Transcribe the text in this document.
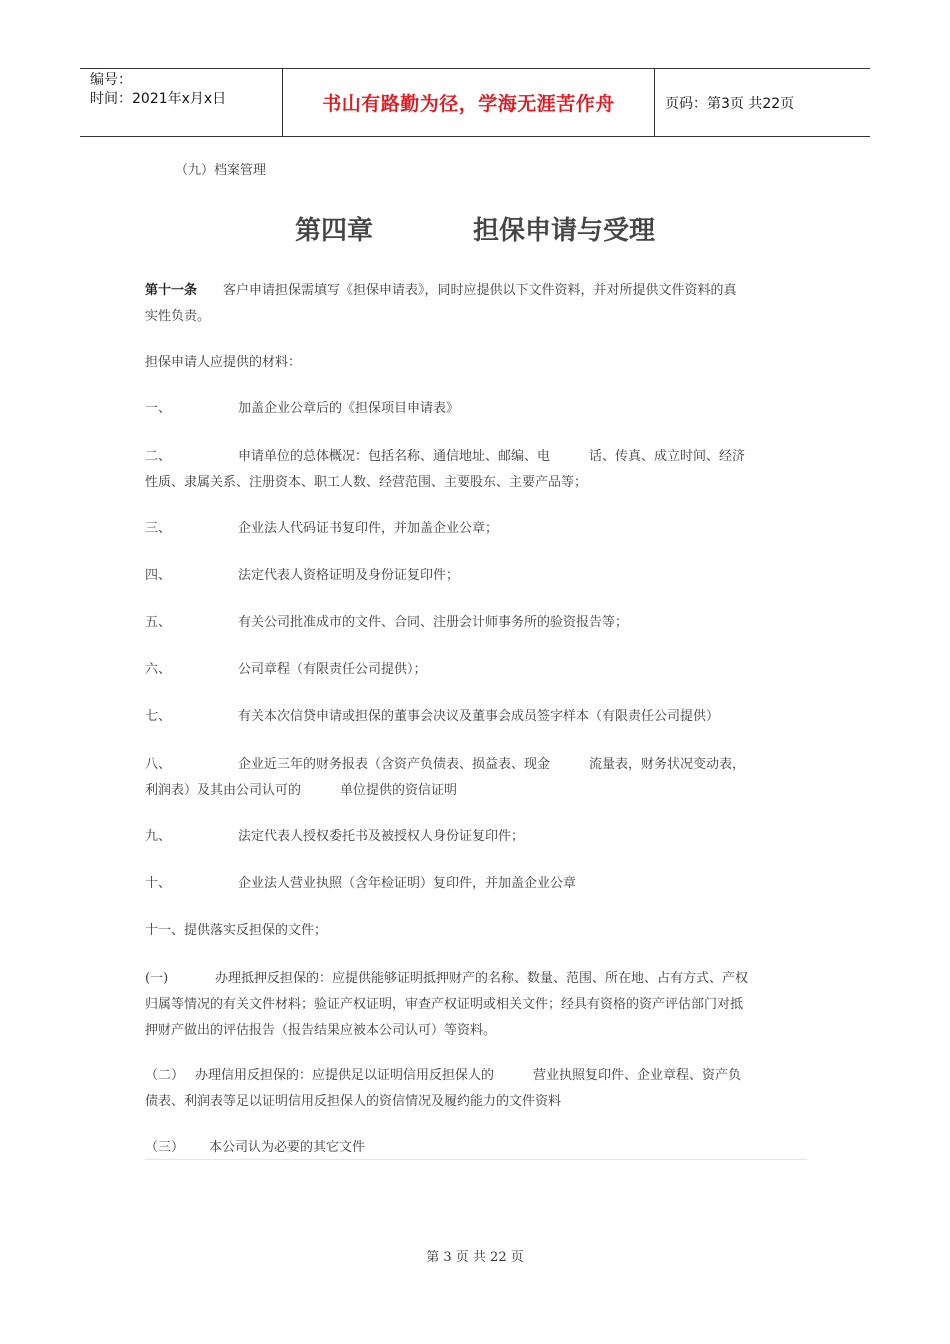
编号：
时间：2021年x月x日	书山有路勤为径，学海无涯苦作舟	页码：第3页 共22页
（九）档案管理
第四章	担保申请与受理
第十一条 客户申请担保需填写《担保申请表》，同时应提供以下文件资料，并对所提供文件资料的真
实性负责。
担保申请人应提供的材料：
一、	加盖企业公章后的《担保项目申请表》
二、	申请单位的总体概况：包括名称、通信地址、邮编、电　　　话、传真、成立时间、经济
性质、隶属关系、注册资本、职工人数、经营范围、主要股东、主要产品等；
三、	企业法人代码证书复印件，并加盖企业公章；
四、	法定代表人资格证明及身份证复印件；
五、	有关公司批准成市的文件、合同、注册会计师事务所的验资报告等；
六、	公司章程（有限责任公司提供）；
七、	有关本次信贷申请或担保的董事会决议及董事会成员签字样本（有限责任公司提供）
八、	企业近三年的财务报表（含资产负债表、损益表、现金　　　流量表，财务状况变动表，
利润表）及其由公司认可的　　　单位提供的资信证明
九、	法定代表人授权委托书及被授权人身份证复印件；
十、	企业法人营业执照（含年检证明）复印件，并加盖企业公章
十一、提供落实反担保的文件；
(一)	办理抵押反担保的：应提供能够证明抵押财产的名称、数量、范围、所在地、占有方式、产权
归属等情况的有关文件材料；验证产权证明，审查产权证明或相关文件；经具有资格的资产评估部门对抵
押财产做出的评估报告（报告结果应被本公司认可）等资料。
（二） 办理信用反担保的：应提供足以证明信用反担保人的　　　营业执照复印件、企业章程、资产负
债表、利润表等足以证明信用反担保人的资信情况及履约能力的文件资料
（三） 本公司认为必要的其它文件
第 3 页 共 22 页
